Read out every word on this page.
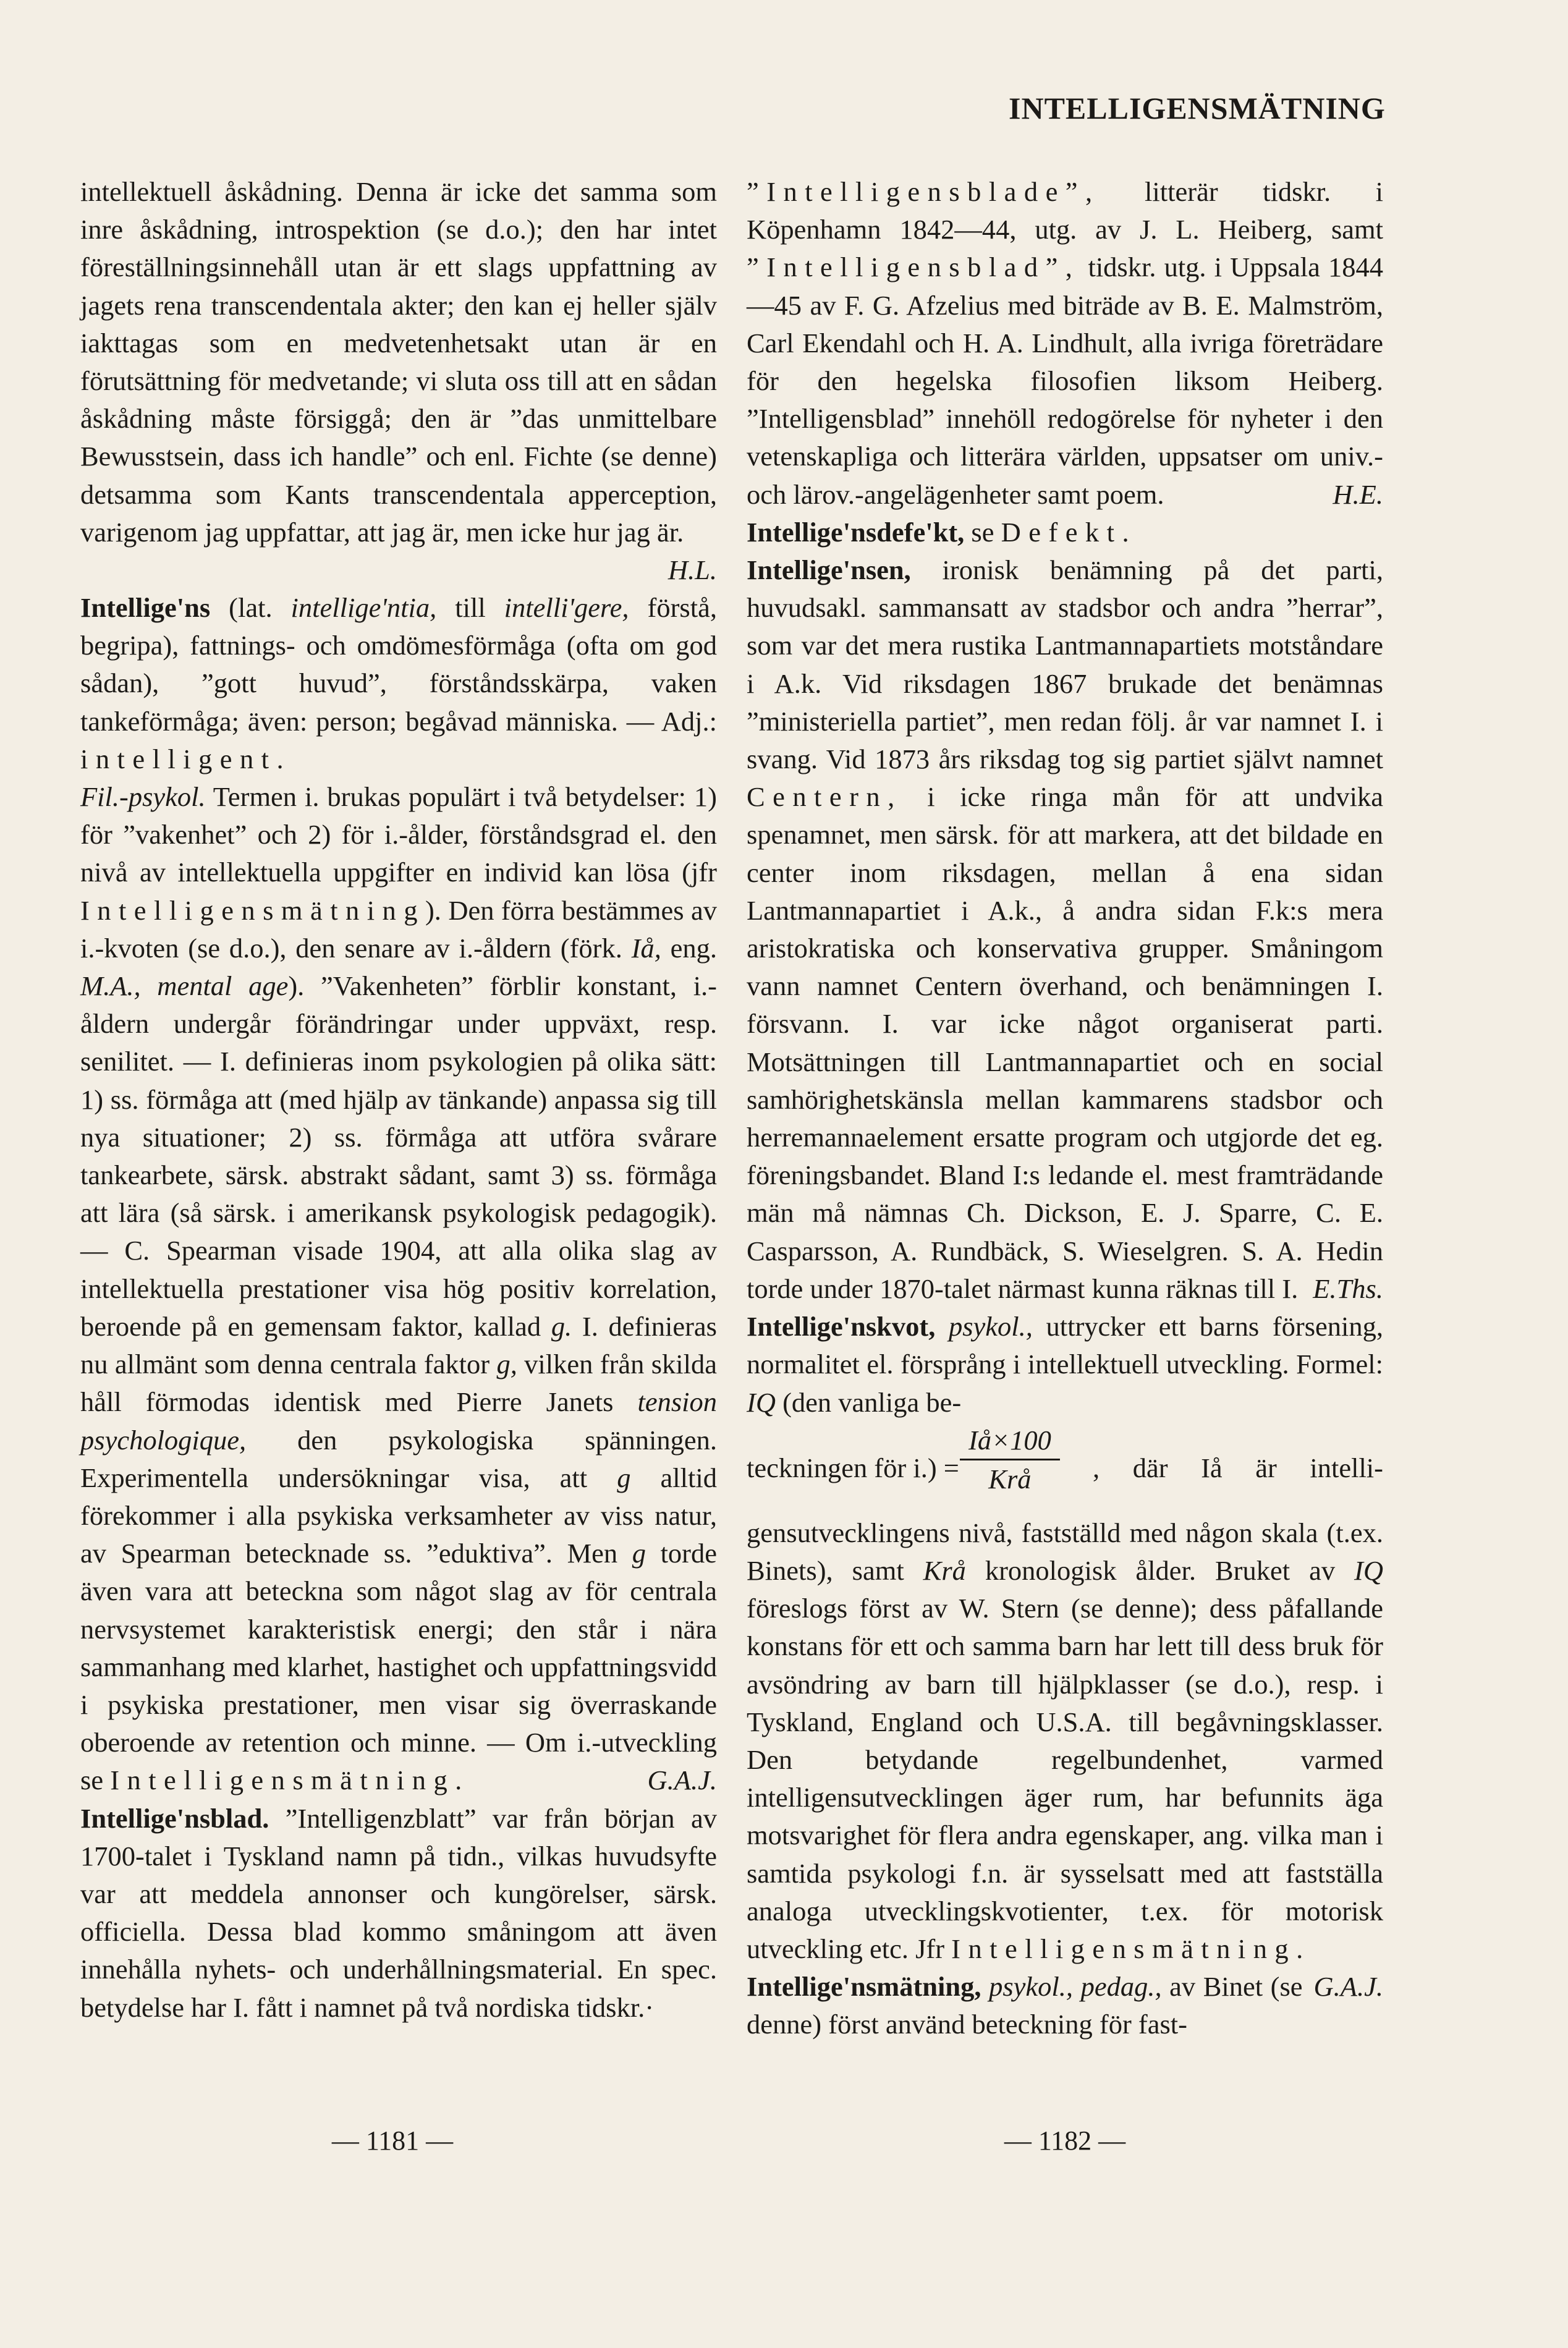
INTELLIGENSMÄTNING

intellektuell åskådning. Denna är icke det samma som inre åskådning, introspektion (se d.o.); den har intet föreställningsinnehåll utan är ett slags uppfattning av jagets rena transcendentala akter; den kan ej heller själv iakttagas som en medvetenhetsakt utan är en förutsättning för medvetande; vi sluta oss till att en sådan åskådning måste försiggå; den är ”das unmittelbare Bewusstsein, dass ich handle” och enl. Fichte (se denne) detsamma som Kants transcendentala apperception, varigenom jag uppfattar, att jag är, men icke hur jag är.

H.L.

Intellige'ns (lat. intellige'ntia, till intelli'gere, förstå, begripa), fattnings- och omdömesförmåga (ofta om god sådan), ”gott huvud”, förståndsskärpa, vaken tankeförmåga; även: person; begåvad människa. — Adj.: intelligent.

Fil.-psykol. Termen i. brukas populärt i två betydelser: 1) för ”vakenhet” och 2) för i.-ålder, förståndsgrad el. den nivå av intellektuella uppgifter en individ kan lösa (jfr Intelligensmätning). Den förra bestämmes av i.-kvoten (se d.o.), den senare av i.-åldern (förk. Iå, eng. M.A., mental age). ”Vakenheten” förblir konstant, i.-åldern undergår förändringar under uppväxt, resp. senilitet. — I. definieras inom psykologien på olika sätt: 1) ss. förmåga att (med hjälp av tänkande) anpassa sig till nya situationer; 2) ss. förmåga att utföra svårare tankearbete, särsk. abstrakt sådant, samt 3) ss. förmåga att lära (så särsk. i amerikansk psykologisk pedagogik). — C. Spearman visade 1904, att alla olika slag av intellektuella prestationer visa hög positiv korrelation, beroende på en gemensam faktor, kallad g. I. definieras nu allmänt som denna centrala faktor g, vilken från skilda håll förmodas identisk med Pierre Janets tension psychologique, den psykologiska spänningen. Experimentella undersökningar visa, att g alltid förekommer i alla psykiska verksamheter av viss natur, av Spearman betecknade ss. ”eduktiva”. Men g torde även vara att beteckna som något slag av för centrala nervsystemet karakteristisk energi; den står i nära sammanhang med klarhet, hastighet och uppfattningsvidd i psykiska prestationer, men visar sig överraskande oberoende av retention och minne. — Om i.-utveckling se Intelligensmätning.	G.A.J.

Intellige'nsblad. ”Intelligenzblatt” var från början av 1700-talet i Tyskland namn på tidn., vilkas huvudsyfte var att meddela annonser och kungörelser, särsk. officiella. Dessa blad kommo småningom att även innehålla nyhets- och underhållningsmaterial. En spec. betydelse har I. fått i namnet på två nordiska tidskr.·

”Intelligensblade”, litterär tidskr. i Köpenhamn 1842—44, utg. av J. L. Heiberg, samt ”Intelligensblad”, tidskr. utg. i Uppsala 1844—45 av F. G. Afzelius med biträde av B. E. Malmström, Carl Ekendahl och H. A. Lindhult, alla ivriga företrädare för den hegelska filosofien liksom Heiberg. ”Intelligensblad” innehöll redogörelse för nyheter i den vetenskapliga och litterära världen, uppsatser om univ.- och lärov.-angelägenheter samt poem.	H.E.

Intellige'nsdefe'kt, se Defekt.

Intellige'nsen, ironisk benämning på det parti, huvudsakl. sammansatt av stadsbor och andra ”herrar”, som var det mera rustika Lantmannapartiets motståndare i A.k. Vid riksdagen 1867 brukade det benämnas ”ministeriella partiet”, men redan följ. år var namnet I. i svang. Vid 1873 års riksdag tog sig partiet självt namnet Centern, i icke ringa mån för att undvika spenamnet, men särsk. för att markera, att det bildade en center inom riksdagen, mellan å ena sidan Lantmannapartiet i A.k., å andra sidan F.k:s mera aristokratiska och konservativa grupper. Småningom vann namnet Centern överhand, och benämningen I. försvann. I. var icke något organiserat parti. Motsättningen till Lantmannapartiet och en social samhörighetskänsla mellan kammarens stadsbor och herremannaelement ersatte program och utgjorde det eg. föreningsbandet. Bland I:s ledande el. mest framträdande män må nämnas Ch. Dickson, E. J. Sparre, C. E. Casparsson, A. Rundbäck, S. Wieselgren. S. A. Hedin torde under 1870-talet närmast kunna räknas till I. E.Ths.

Intellige'nskvot, psykol., uttrycker ett barns försening, normalitet el. försprång i intellektuell utveckling. Formel: IQ (den vanliga be-

teckningen för i.) =
Iå×100
Krå	, där Iå är intelli-

gensutvecklingens nivå, fastställd med någon skala (t.ex. Binets), samt Krå kronologisk ålder. Bruket av IQ föreslogs först av W. Stern (se denne); dess påfallande konstans för ett och samma barn har lett till dess bruk för avsöndring av barn till hjälpklasser (se d.o.), resp. i Tyskland, England och U.S.A. till begåvningsklasser. Den betydande regelbundenhet, varmed intelligensutvecklingen äger rum, har befunnits äga motsvarighet för flera andra egenskaper, ang. vilka man i samtida psykologi f.n. är sysselsatt med att fastställa analoga utvecklingskvotienter, t.ex. för motorisk utveckling etc. Jfr Intelligensmätning.
G.A.J.

Intellige'nsmätning, psykol., pedag., av Binet (se denne) först använd beteckning för fast-

— 1181 —	— 1182 —
